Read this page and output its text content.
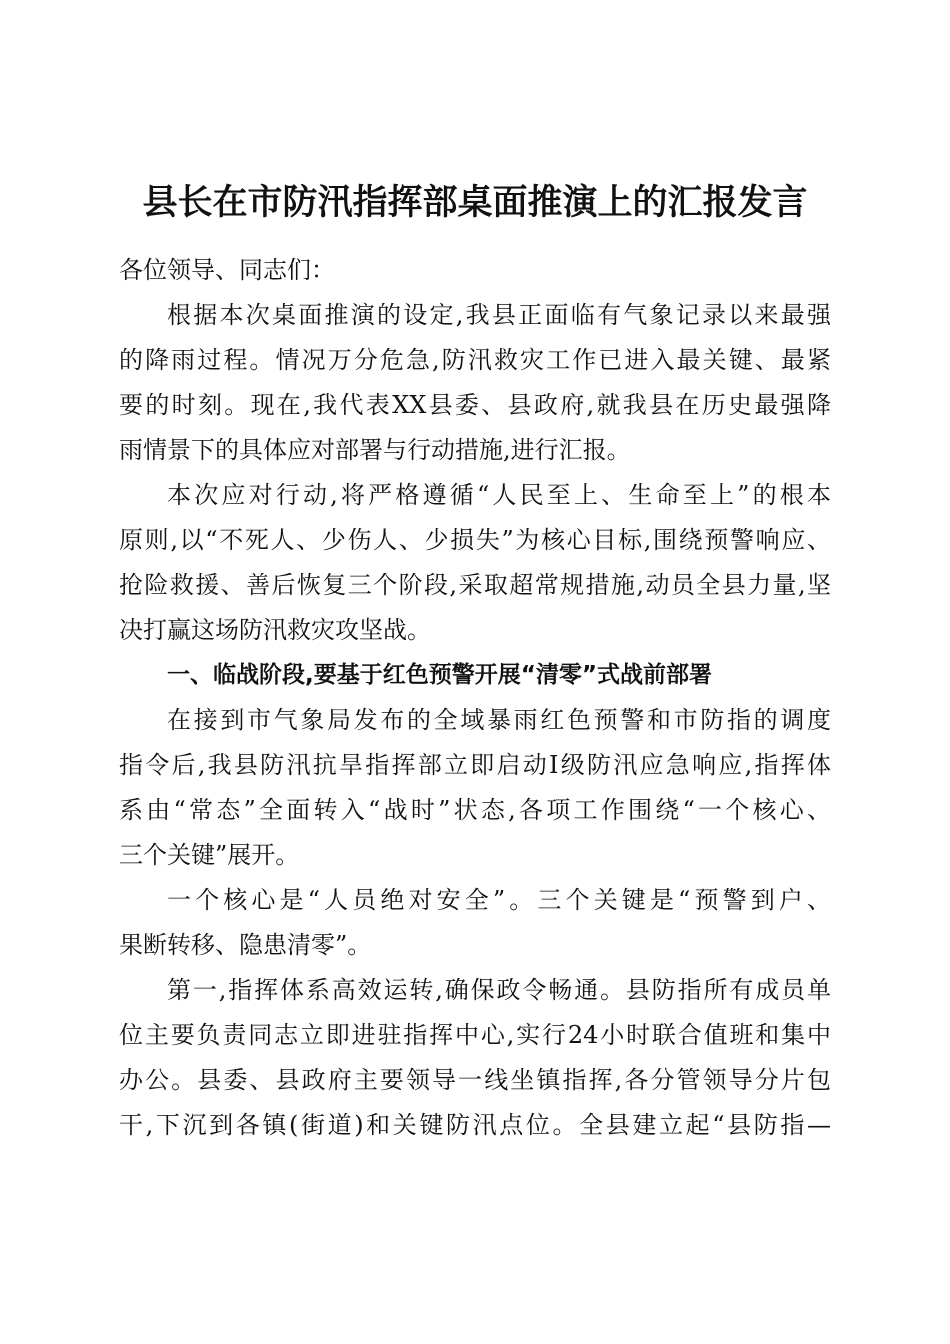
县长在市防汛指挥部桌面推演上的汇报发言
各位领导、同志们：
根据本次桌面推演的设定,我县正面临有气象记录以来最强
的降雨过程。情况万分危急,防汛救灾工作已进入最关键、最紧
要的时刻。现在,我代表XX县委、县政府,就我县在历史最强降
雨情景下的具体应对部署与行动措施,进行汇报。
本次应对行动,将严格遵循“人民至上、生命至上”的根本
原则,以“不死人、少伤人、少损失”为核心目标,围绕预警响应、
抢险救援、善后恢复三个阶段,采取超常规措施,动员全县力量,坚
决打赢这场防汛救灾攻坚战。
一、临战阶段,要基于红色预警开展“清零”式战前部署
在接到市气象局发布的全域暴雨红色预警和市防指的调度
指令后,我县防汛抗旱指挥部立即启动I级防汛应急响应,指挥体
系由“常态”全面转入“战时”状态,各项工作围绕“一个核心、
三个关键”展开。
一个核心是“人员绝对安全”。三个关键是“预警到户、
果断转移、隐患清零”。
第一,指挥体系高效运转,确保政令畅通。县防指所有成员单
位主要负责同志立即进驻指挥中心,实行24小时联合值班和集中
办公。县委、县政府主要领导一线坐镇指挥,各分管领导分片包
干,下沉到各镇(街道)和关键防汛点位。全县建立起“县防指—
